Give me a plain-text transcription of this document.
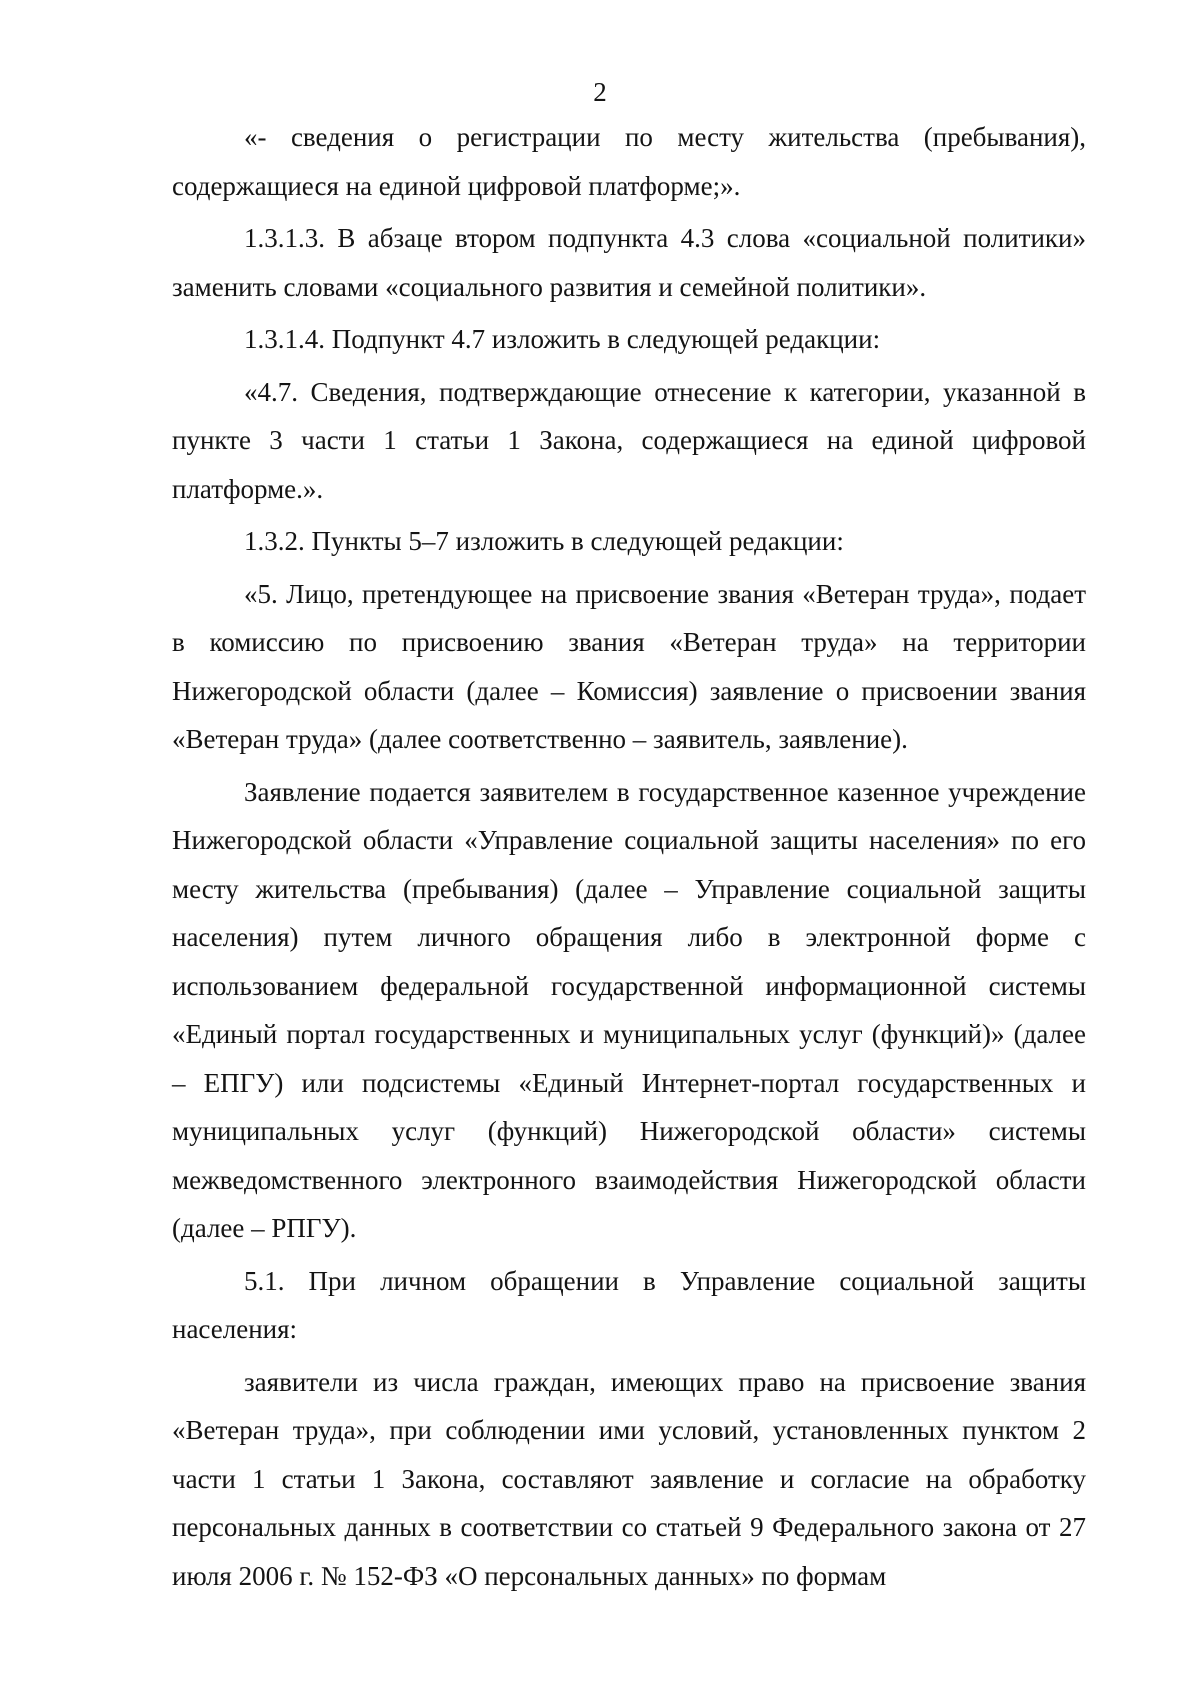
2

«- сведения о регистрации по месту жительства (пребывания), содержащиеся на единой цифровой платформе;».

1.3.1.3. В абзаце втором подпункта 4.3 слова «социальной политики» заменить словами «социального развития и семейной политики».

1.3.1.4. Подпункт 4.7 изложить в следующей редакции:

«4.7. Сведения, подтверждающие отнесение к категории, указанной в пункте 3 части 1 статьи 1 Закона, содержащиеся на единой цифровой платформе.».

1.3.2. Пункты 5–7 изложить в следующей редакции:

«5. Лицо, претендующее на присвоение звания «Ветеран труда», подает в комиссию по присвоению звания «Ветеран труда» на территории Нижегородской области (далее – Комиссия) заявление о присвоении звания «Ветеран труда» (далее соответственно – заявитель, заявление).

Заявление подается заявителем в государственное казенное учреждение Нижегородской области «Управление социальной защиты населения» по его месту жительства (пребывания) (далее – Управление социальной защиты населения) путем личного обращения либо в электронной форме с использованием федеральной государственной информационной системы «Единый портал государственных и муниципальных услуг (функций)» (далее – ЕПГУ) или подсистемы «Единый Интернет-портал государственных и муниципальных услуг (функций) Нижегородской области» системы межведомственного электронного взаимодействия Нижегородской области (далее – РПГУ).

5.1. При личном обращении в Управление социальной защиты населения:

заявители из числа граждан, имеющих право на присвоение звания «Ветеран труда», при соблюдении ими условий, установленных пунктом 2 части 1 статьи 1 Закона, составляют заявление и согласие на обработку персональных данных в соответствии со статьей 9 Федерального закона от 27 июля 2006 г. № 152-ФЗ «О персональных данных» по формам
